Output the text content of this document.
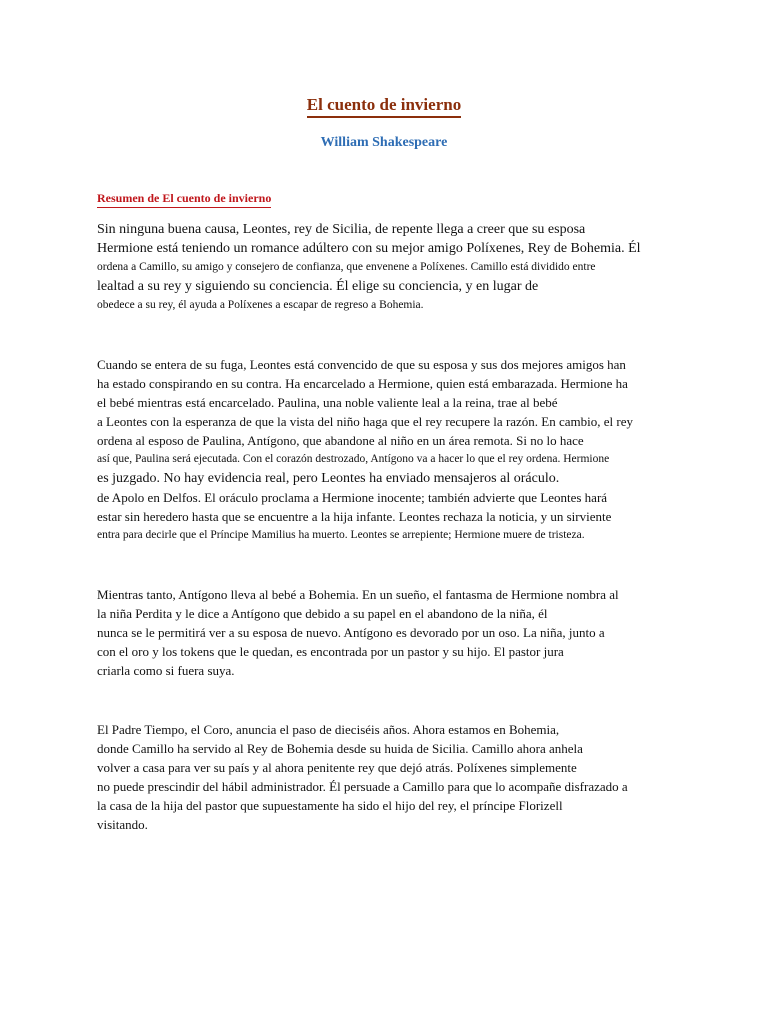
El cuento de invierno
William Shakespeare
Resumen de El cuento de invierno
Sin ninguna buena causa, Leontes, rey de Sicilia, de repente llega a creer que su esposa
Hermione está teniendo un romance adúltero con su mejor amigo Políxenes, Rey de Bohemia. Él
ordena a Camillo, su amigo y consejero de confianza, que envenene a Políxenes. Camillo está dividido entre
lealtad a su rey y siguiendo su conciencia. Él elige su conciencia, y en lugar de
obedece a su rey, él ayuda a Políxenes a escapar de regreso a Bohemia.
Cuando se entera de su fuga, Leontes está convencido de que su esposa y sus dos mejores amigos han
ha estado conspirando en su contra. Ha encarcelado a Hermione, quien está embarazada. Hermione ha
el bebé mientras está encarcelado. Paulina, una noble valiente leal a la reina, trae al bebé
a Leontes con la esperanza de que la vista del niño haga que el rey recupere la razón. En cambio, el rey
ordena al esposo de Paulina, Antígono, que abandone al niño en un área remota. Si no lo hace
así que, Paulina será ejecutada. Con el corazón destrozado, Antígono va a hacer lo que el rey ordena. Hermione
es juzgado. No hay evidencia real, pero Leontes ha enviado mensajeros al oráculo.
de Apolo en Delfos. El oráculo proclama a Hermione inocente; también advierte que Leontes hará
estar sin heredero hasta que se encuentre a la hija infante. Leontes rechaza la noticia, y un sirviente
entra para decirle que el Príncipe Mamilius ha muerto. Leontes se arrepiente; Hermione muere de tristeza.
Mientras tanto, Antígono lleva al bebé a Bohemia. En un sueño, el fantasma de Hermione nombra al
la niña Perdita y le dice a Antígono que debido a su papel en el abandono de la niña, él
nunca se le permitirá ver a su esposa de nuevo. Antígono es devorado por un oso. La niña, junto a
con el oro y los tokens que le quedan, es encontrada por un pastor y su hijo. El pastor jura
criarla como si fuera suya.
El Padre Tiempo, el Coro, anuncia el paso de dieciséis años. Ahora estamos en Bohemia,
donde Camillo ha servido al Rey de Bohemia desde su huida de Sicilia. Camillo ahora anhela
volver a casa para ver su país y al ahora penitente rey que dejó atrás. Políxenes simplemente
no puede prescindir del hábil administrador. Él persuade a Camillo para que lo acompañe disfrazado a
la casa de la hija del pastor que supuestamente ha sido el hijo del rey, el príncipe Florizell
visitando.
